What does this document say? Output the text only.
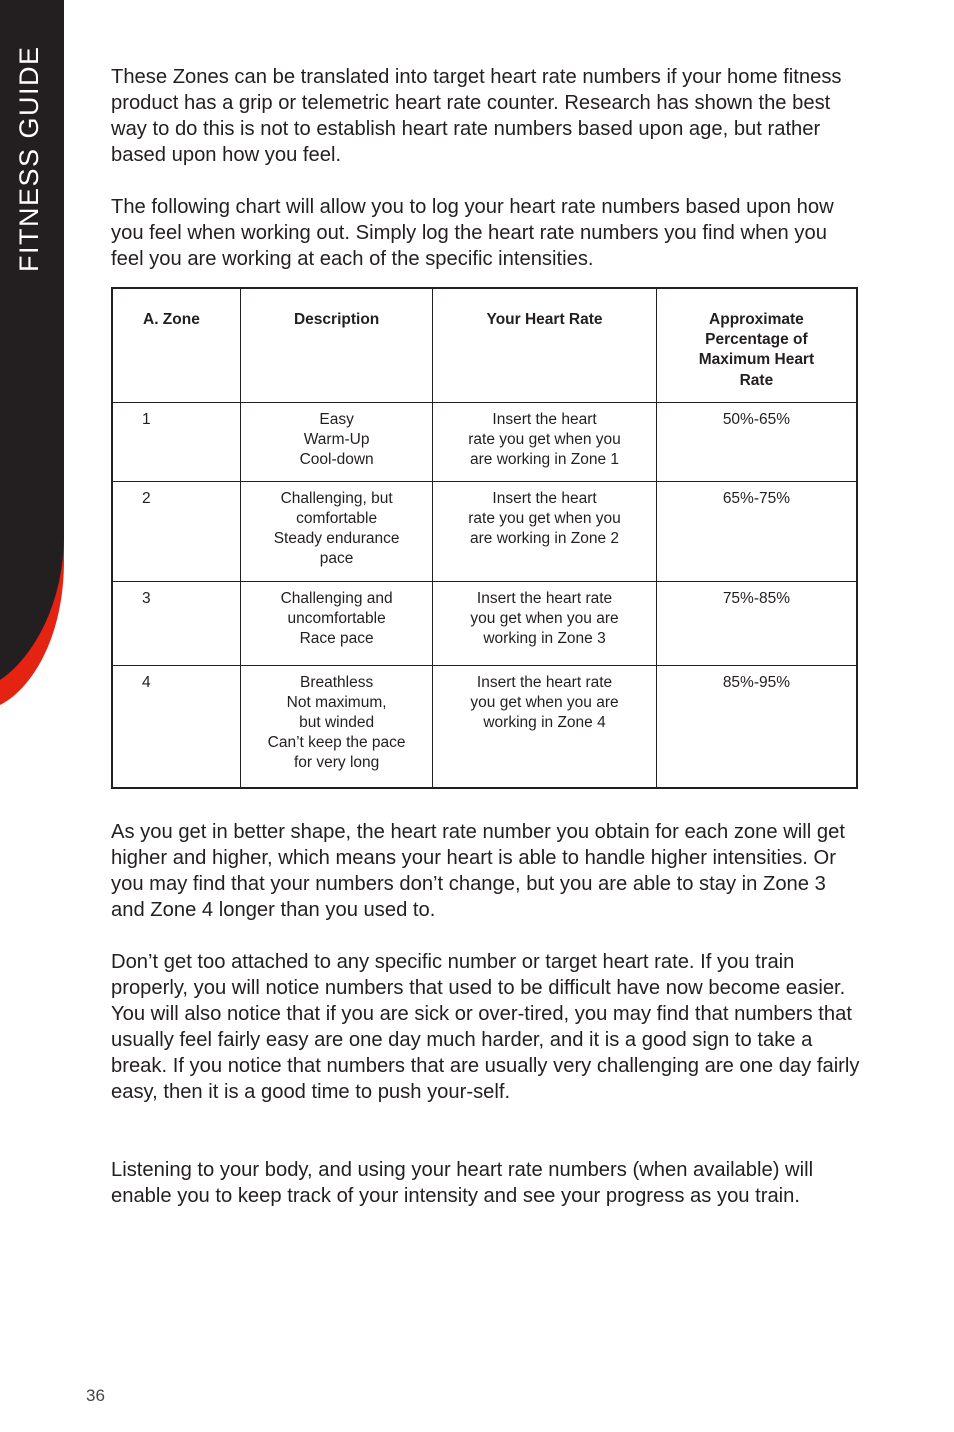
FITNESS GUIDE	These Zones can be translated into target heart rate numbers if your home fitness product has a grip or telemetric heart rate counter. Research has shown the best way to do this is not to establish heart rate numbers based upon age, but rather based upon how you feel.

The following chart will allow you to log your heart rate numbers based upon how you feel when working out. Simply log the heart rate numbers you find when you feel you are working at each of the specific intensities.

A. Zone	Description	Your Heart Rate	Approximate
Percentage of
Maximum Heart
Rate

1	Easy
Warm-Up
Cool-down	Insert the heart
rate you get when you
are working in Zone 1	50%-65%
2	Challenging, but
comfortable
Steady endurance
pace	Insert the heart
rate you get when you
are working in Zone 2	65%-75%
3	Challenging and
uncomfortable
Race pace	Insert the heart rate
you get when you are
working in Zone 3	75%-85%
4	Breathless
Not maximum,
but winded
Can’t keep the pace
for very long	Insert the heart rate
you get when you are
working in Zone 4	85%-95%

As you get in better shape, the heart rate number you obtain for each zone will get higher and higher, which means your heart is able to handle higher intensities. Or you may find that your numbers don’t change, but you are able to stay in Zone 3 and Zone 4 longer than you used to.

Don’t get too attached to any specific number or target heart rate. If you train properly, you will notice numbers that used to be difficult have now become easier. You will also notice that if you are sick or over-tired, you may find that numbers that usually feel fairly easy are one day much harder, and it is a good sign to take a break. If you notice that numbers that are usually very challenging are one day fairly easy, then it is a good time to push your-self.

Listening to your body, and using your heart rate numbers (when available) will enable you to keep track of your intensity and see your progress as you train.

36
